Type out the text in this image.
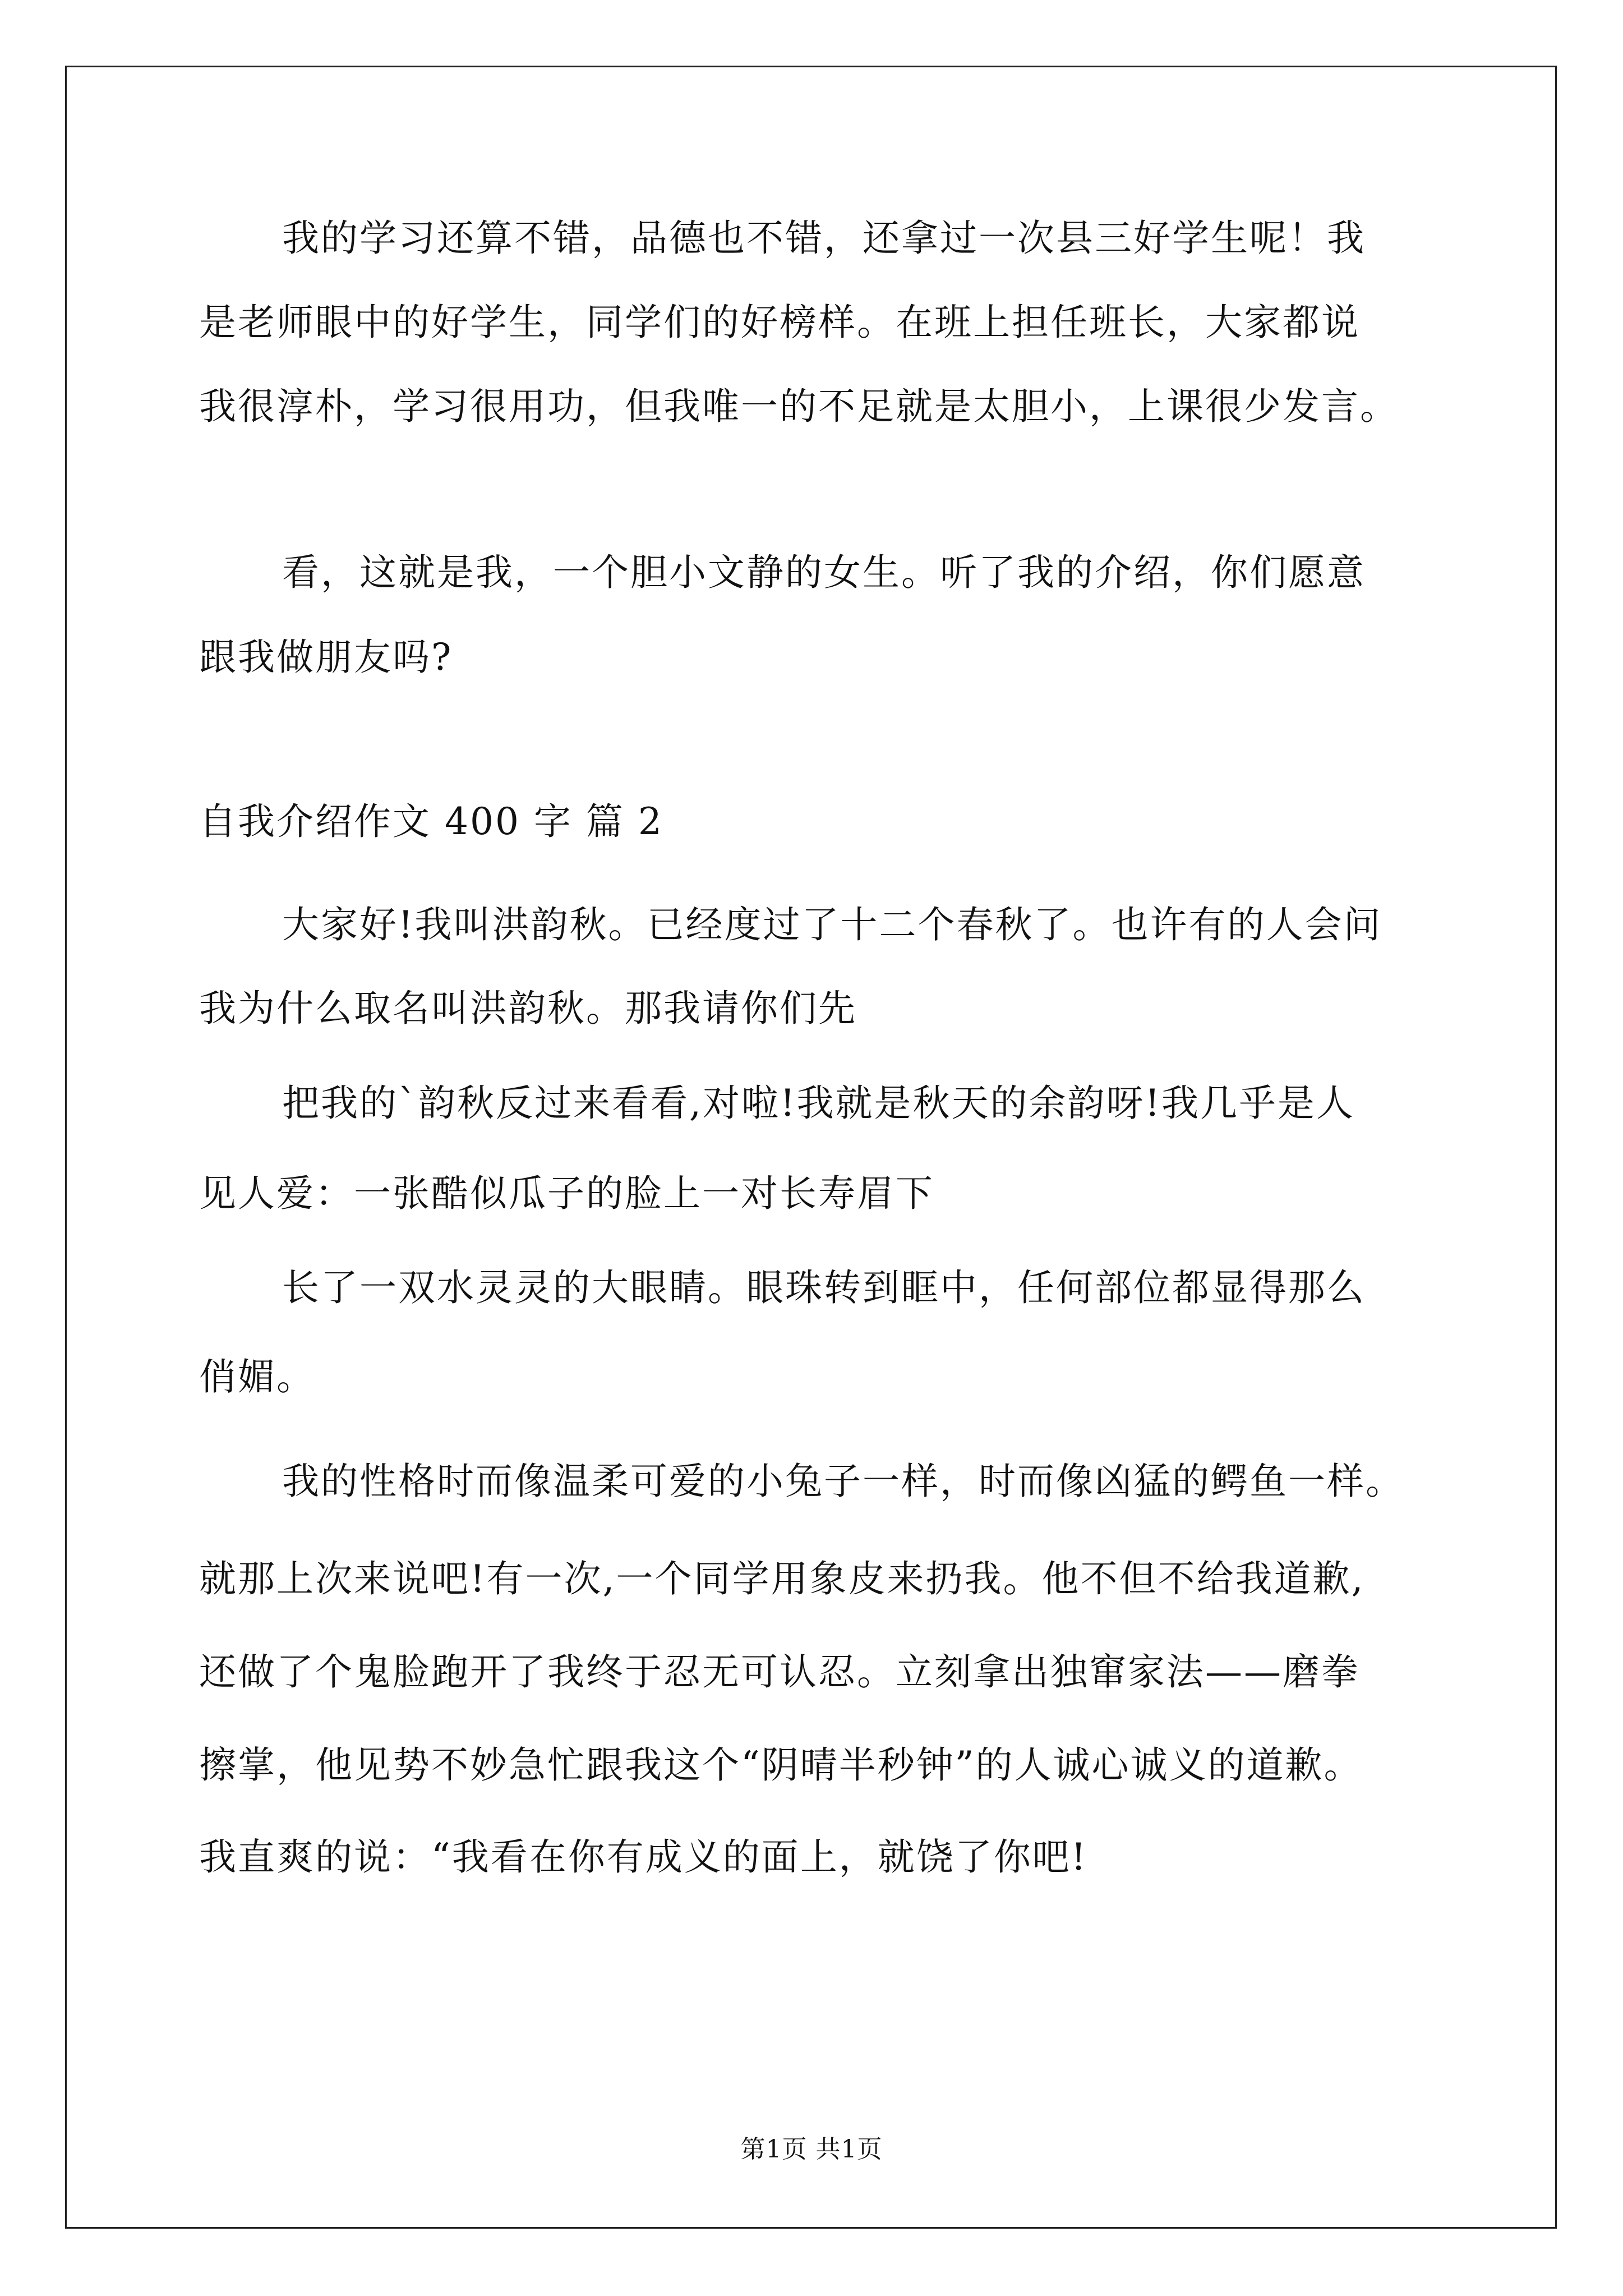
我的学习还算不错，品德也不错，还拿过一次县三好学生呢！我
是老师眼中的好学生，同学们的好榜样。在班上担任班长，大家都说
我很淳朴，学习很用功，但我唯一的不足就是太胆小，上课很少发言。
看，这就是我，一个胆小文静的女生。听了我的介绍，你们愿意
跟我做朋友吗?
自我介绍作文 400 字 篇 2
大家好!我叫洪韵秋。已经度过了十二个春秋了。也许有的人会问
我为什么取名叫洪韵秋。那我请你们先
把我的`韵秋反过来看看,对啦!我就是秋天的余韵呀!我几乎是人
见人爱：一张酷似瓜子的脸上一对长寿眉下
长了一双水灵灵的大眼睛。眼珠转到眶中，任何部位都显得那么
俏媚。
我的性格时而像温柔可爱的小兔子一样，时而像凶猛的鳄鱼一样。
就那上次来说吧!有一次,一个同学用象皮来扔我。他不但不给我道歉,
还做了个鬼脸跑开了我终于忍无可认忍。立刻拿出独窜家法——磨拳
擦掌，他见势不妙急忙跟我这个“阴晴半秒钟”的人诚心诚义的道歉。
我直爽的说：“我看在你有成义的面上，就饶了你吧!
第1页 共1页
